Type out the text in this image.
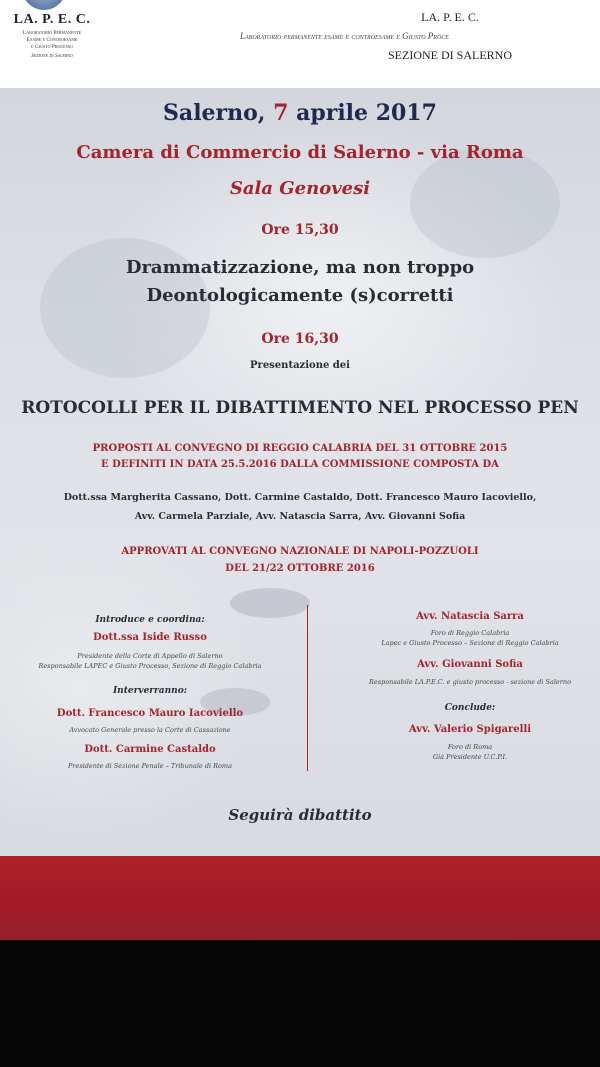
LA. P. E. C.
Laboratorio Permanente
Esame e Controesame
e Giusto Processo
Sezione di Salerno
LA. P. E. C.
Laboratorio permanente esame e controesame e Giusto Proce
SEZIONE DI SALERNO
Salerno, 7 aprile 2017
Camera di Commercio di Salerno - via Roma
Sala Genovesi
Ore 15,30
Drammatizzazione, ma non troppo
Deontologicamente (s)corretti
Ore 16,30
Presentazione dei
ROTOCOLLI PER IL DIBATTIMENTO NEL PROCESSO PEN
PROPOSTI AL CONVEGNO DI REGGIO CALABRIA DEL 31 OTTOBRE 2015
E DEFINITI IN DATA 25.5.2016 DALLA COMMISSIONE COMPOSTA DA
Dott.ssa Margherita Cassano, Dott. Carmine Castaldo, Dott. Francesco Mauro Iacoviello,
Avv. Carmela Parziale, Avv. Natascia Sarra, Avv. Giovanni Sofia
APPROVATI AL CONVEGNO NAZIONALE DI NAPOLI-POZZUOLI
DEL 21/22 OTTOBRE 2016
Introduce e coordina:
Dott.ssa Iside Russo
Presidente della Corte di Appello di Salerno
Responsabile LAPEC e Giusto Processo, Sezione di Reggio Calabria
Interverranno:
Dott. Francesco Mauro Iacoviello
Avvocato Generale presso la Corte di Cassazione
Dott. Carmine Castaldo
Presidente di Sezione Penale – Tribunale di Roma
Avv. Natascia Sarra
Foro di Reggio Calabria
Lapec e Giusto Processo – Sezione di Reggio Calabria
Avv. Giovanni Sofia
Responsabile LA.P.E.C. e giusto processo - sezione di Salerno
Conclude:
Avv. Valerio Spigarelli
Foro di Roma
Già Presidente U.C.P.I.
Seguirà dibattito
